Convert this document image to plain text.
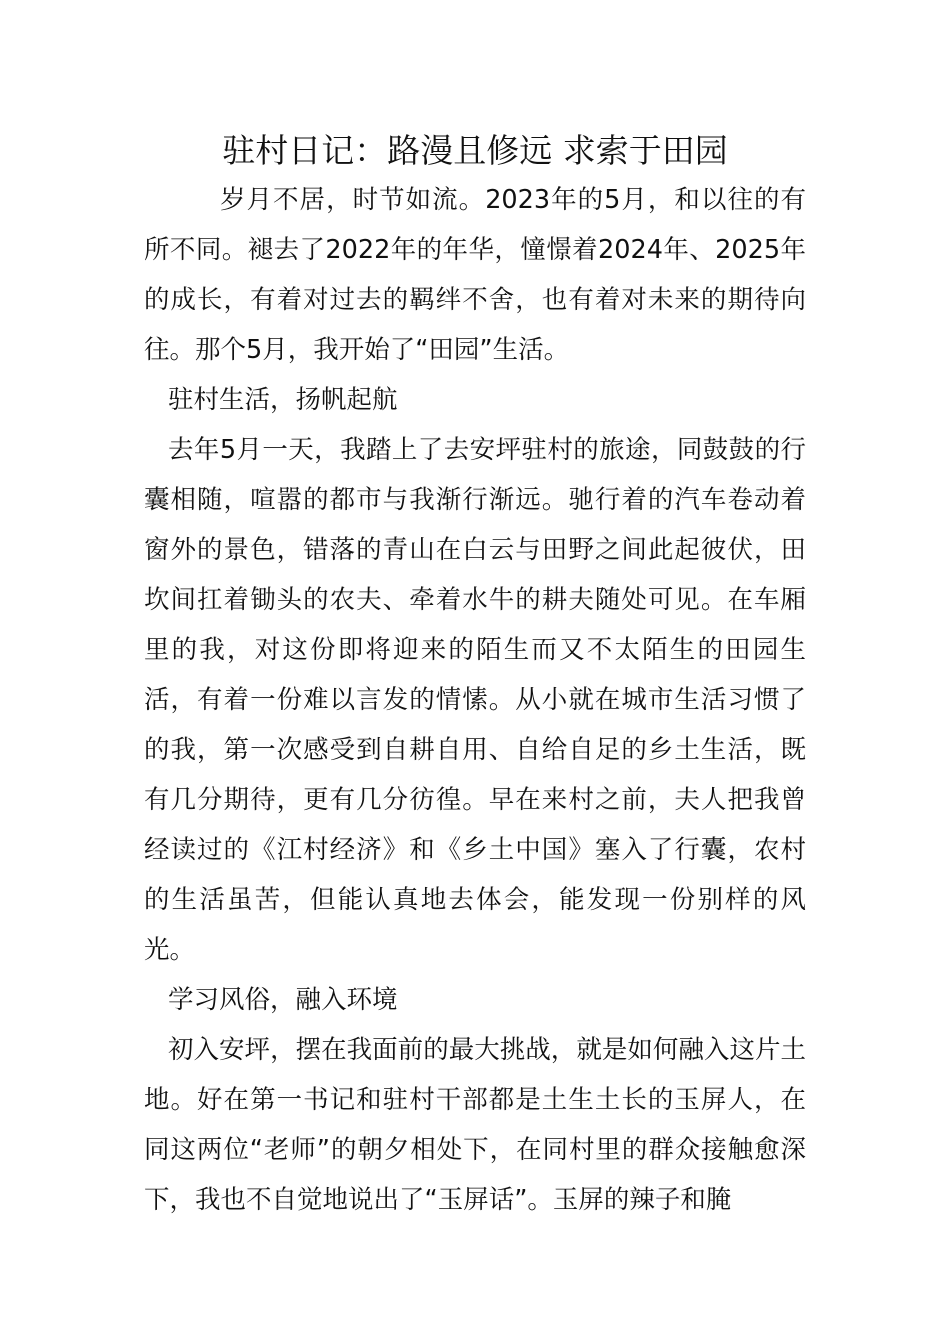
驻村日记：路漫且修远 求索于田园

岁月不居，时节如流。2023年的5月，和以往的有所不同。褪去了2022年的年华，憧憬着2024年、2025年的成长，有着对过去的羁绊不舍，也有着对未来的期待向往。那个5月，我开始了“田园”生活。

驻村生活，扬帆起航

去年5月一天，我踏上了去安坪驻村的旅途，同鼓鼓的行囊相随，喧嚣的都市与我渐行渐远。驰行着的汽车卷动着窗外的景色，错落的青山在白云与田野之间此起彼伏，田坎间扛着锄头的农夫、牵着水牛的耕夫随处可见。在车厢里的我，对这份即将迎来的陌生而又不太陌生的田园生活，有着一份难以言发的情愫。从小就在城市生活习惯了的我，第一次感受到自耕自用、自给自足的乡土生活，既有几分期待，更有几分彷徨。早在来村之前，夫人把我曾经读过的《江村经济》和《乡土中国》塞入了行囊，农村的生活虽苦，但能认真地去体会，能发现一份别样的风光。

学习风俗，融入环境

初入安坪，摆在我面前的最大挑战，就是如何融入这片土地。好在第一书记和驻村干部都是土生土长的玉屏人，在同这两位“老师”的朝夕相处下，在同村里的群众接触愈深下，我也不自觉地说出了“玉屏话”。玉屏的辣子和腌
